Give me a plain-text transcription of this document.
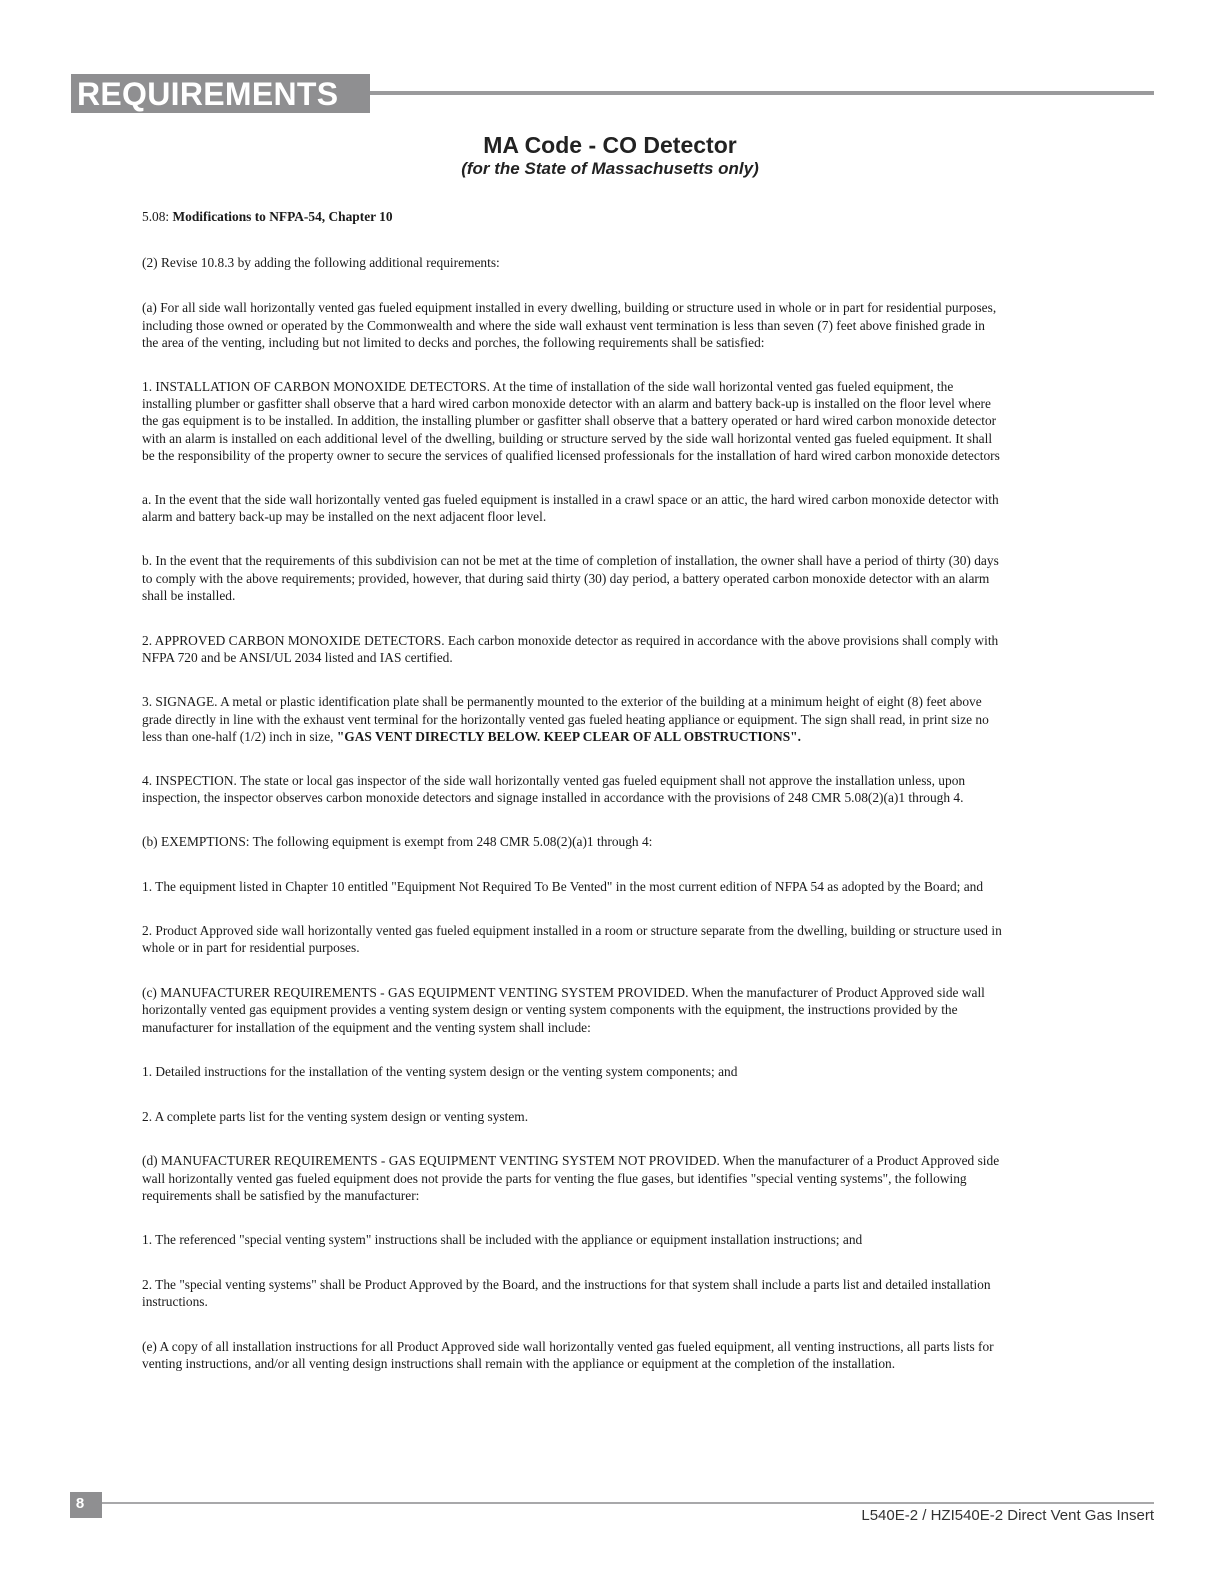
REQUIREMENTS
MA Code - CO Detector
(for the State of Massachusetts only)

5.08: Modifications to NFPA-54, Chapter 10

(2) Revise 10.8.3 by adding the following additional requirements:

(a) For all side wall horizontally vented gas fueled equipment installed in every dwelling, building or structure used in whole or in part for residential purposes, including those owned or operated by the Commonwealth and where the side wall exhaust vent termination is less than seven (7) feet above finished grade in the area of the venting, including but not limited to decks and porches, the following requirements shall be satisfied:

1. INSTALLATION OF CARBON MONOXIDE DETECTORS. At the time of installation of the side wall horizontal vented gas fueled equipment, the installing plumber or gasfitter shall observe that a hard wired carbon monoxide detector with an alarm and battery back-up is installed on the floor level where the gas equipment is to be installed. In addition, the installing plumber or gasfitter shall observe that a battery operated or hard wired carbon monoxide detector with an alarm is installed on each additional level of the dwelling, building or structure served by the side wall horizontal vented gas fueled equipment. It shall be the responsibility of the property owner to secure the services of qualified licensed professionals for the installation of hard wired carbon monoxide detectors

a. In the event that the side wall horizontally vented gas fueled equipment is installed in a crawl space or an attic, the hard wired carbon monoxide detector with alarm and battery back-up may be installed on the next adjacent floor level.

b. In the event that the requirements of this subdivision can not be met at the time of completion of installation, the owner shall have a period of thirty (30) days to comply with the above requirements; provided, however, that during said thirty (30) day period, a battery operated carbon monoxide detector with an alarm shall be installed.

2. APPROVED CARBON MONOXIDE DETECTORS. Each carbon monoxide detector as required in accordance with the above provisions shall comply with NFPA 720 and be ANSI/UL 2034 listed and IAS certified.

3. SIGNAGE. A metal or plastic identification plate shall be permanently mounted to the exterior of the building at a minimum height of eight (8) feet above grade directly in line with the exhaust vent terminal for the horizontally vented gas fueled heating appliance or equipment. The sign shall read, in print size no less than one-half (1/2) inch in size, "GAS VENT DIRECTLY BELOW. KEEP CLEAR OF ALL OBSTRUCTIONS".

4. INSPECTION. The state or local gas inspector of the side wall horizontally vented gas fueled equipment shall not approve the installation unless, upon inspection, the inspector observes carbon monoxide detectors and signage installed in accordance with the provisions of 248 CMR 5.08(2)(a)1 through 4.

(b) EXEMPTIONS: The following equipment is exempt from 248 CMR 5.08(2)(a)1 through 4:

1. The equipment listed in Chapter 10 entitled "Equipment Not Required To Be Vented" in the most current edition of NFPA 54 as adopted by the Board; and

2. Product Approved side wall horizontally vented gas fueled equipment installed in a room or structure separate from the dwelling, building or structure used in whole or in part for residential purposes.

(c) MANUFACTURER REQUIREMENTS - GAS EQUIPMENT VENTING SYSTEM PROVIDED. When the manufacturer of Product Approved side wall horizontally vented gas equipment provides a venting system design or venting system components with the equipment, the instructions provided by the manufacturer for installation of the equipment and the venting system shall include:

1. Detailed instructions for the installation of the venting system design or the venting system components; and

2. A complete parts list for the venting system design or venting system.

(d) MANUFACTURER REQUIREMENTS - GAS EQUIPMENT VENTING SYSTEM NOT PROVIDED. When the manufacturer of a Product Approved side wall horizontally vented gas fueled equipment does not provide the parts for venting the flue gases, but identifies "special venting systems", the following requirements shall be satisfied by the manufacturer:

1. The referenced "special venting system" instructions shall be included with the appliance or equipment installation instructions; and

2. The "special venting systems" shall be Product Approved by the Board, and the instructions for that system shall include a parts list and detailed installation instructions.

(e) A copy of all installation instructions for all Product Approved side wall horizontally vented gas fueled equipment, all venting instructions, all parts lists for venting instructions, and/or all venting design instructions shall remain with the appliance or equipment at the completion of the installation.

8
L540E-2 / HZI540E-2 Direct Vent Gas Insert
